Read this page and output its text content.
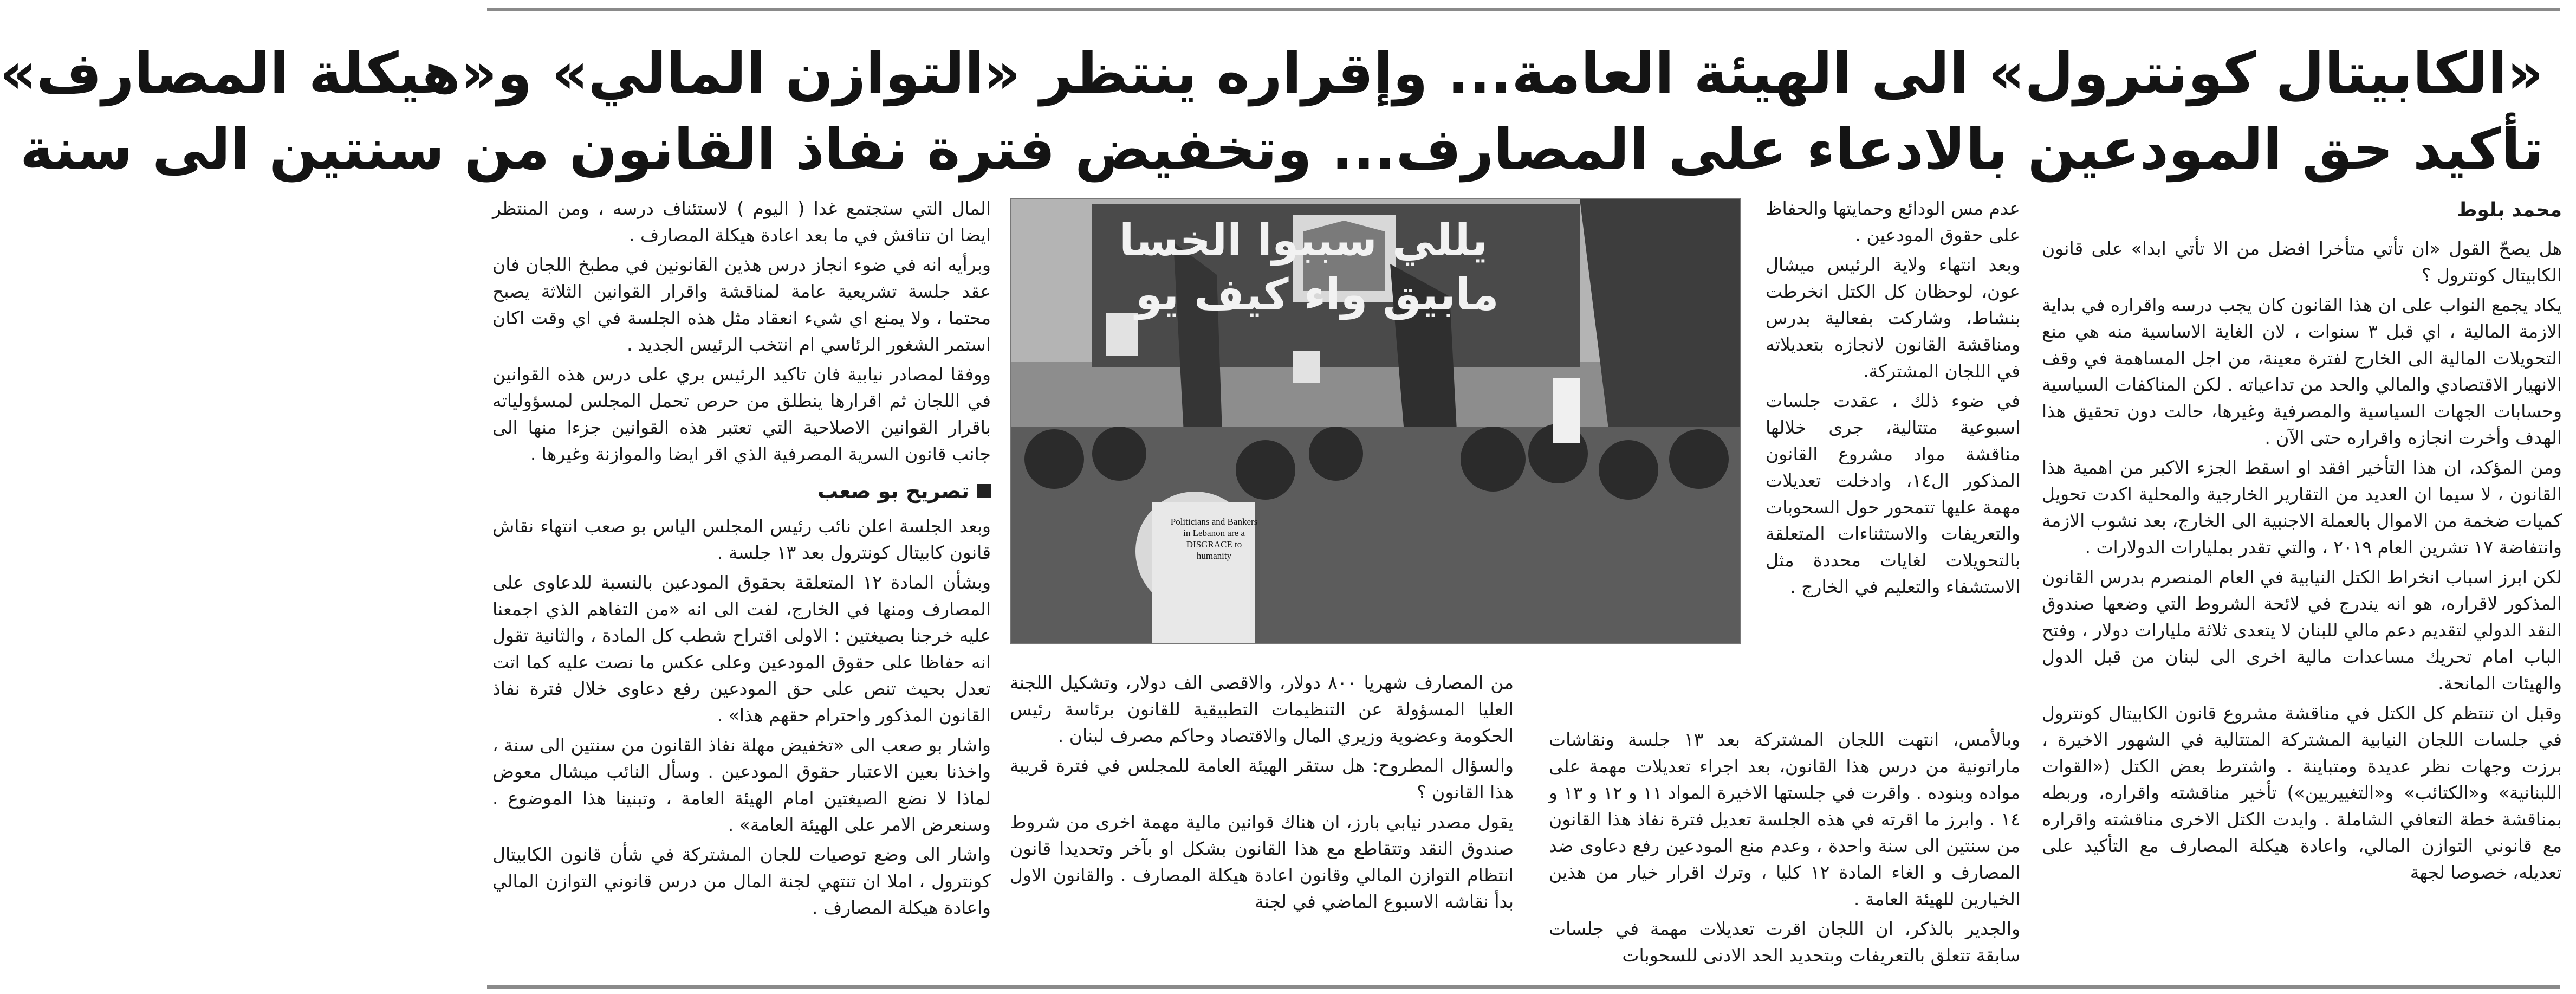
«الكابيتال كونترول» الى الهيئة العامة... وإقراره ينتظر «التوازن المالي» و«هيكلة المصارف»
تأكيد حق المودعين بالادعاء على المصارف... وتخفيض فترة نفاذ القانون من سنتين الى سنة

محمد بلوط

هل يصحّ القول «ان تأتي متأخرا افضل من الا تأتي ابدا» على قانون الكابيتال كونترول ؟

يكاد يجمع النواب على ان هذا القانون كان يجب درسه واقراره في بداية الازمة المالية ، اي قبل ٣ سنوات ، لان الغاية الاساسية منه هي منع التحويلات المالية الى الخارج لفترة معينة، من اجل المساهمة في وقف الانهيار الاقتصادي والمالي والحد من تداعياته . لكن المناكفات السياسية وحسابات الجهات السياسية والمصرفية وغيرها، حالت دون تحقيق هذا الهدف وأخرت انجازه واقراره حتى الآن .

ومن المؤكد، ان هذا التأخير افقد او اسقط الجزء الاكبر من اهمية هذا القانون ، لا سيما ان العديد من التقارير الخارجية والمحلية اكدت تحويل كميات ضخمة من الاموال بالعملة الاجنبية الى الخارج، بعد نشوب الازمة وانتفاضة ١٧ تشرين العام ٢٠١٩ ، والتي تقدر بمليارات الدولارات .

لكن ابرز اسباب انخراط الكتل النيابية في العام المنصرم بدرس القانون المذكور لاقراره، هو انه يندرج في لائحة الشروط التي وضعها صندوق النقد الدولي لتقديم دعم مالي للبنان لا يتعدى ثلاثة مليارات دولار ، وفتح الباب امام تحريك مساعدات مالية اخرى الى لبنان من قبل الدول والهيئات المانحة.

وقبل ان تنتظم كل الكتل في مناقشة مشروع قانون الكابيتال كونترول في جلسات اللجان النيابية المشتركة المتتالية في الشهور الاخيرة ، برزت وجهات نظر عديدة ومتباينة . واشترط بعض الكتل («القوات اللبنانية» و«الكتائب» و«التغييريين») تأخير مناقشته واقراره، وربطه بمناقشة خطة التعافي الشاملة . وايدت الكتل الاخرى مناقشته واقراره مع قانوني التوازن المالي، واعادة هيكلة المصارف مع التأكيد على تعديله، خصوصا لجهة

عدم مس الودائع وحمايتها والحفاظ على حقوق المودعين .

وبعد انتهاء ولاية الرئيس ميشال عون، لوحظان كل الكتل انخرطت بنشاط، وشاركت بفعالية بدرس ومناقشة القانون لانجازه بتعديلاته في اللجان المشتركة.

في ضوء ذلك ، عقدت جلسات اسبوعية متتالية، جرى خلالها مناقشة مواد مشروع القانون المذكور ال١٤، وادخلت تعديلات مهمة عليها تتمحور حول السحوبات والتعريفات والاستثناءات المتعلقة بالتحويلات لغايات محددة مثل الاستشفاء والتعليم في الخارج .

وبالأمس، انتهت اللجان المشتركة بعد ١٣ جلسة ونقاشات ماراتونية من درس هذا القانون، بعد اجراء تعديلات مهمة على مواده وبنوده . واقرت في جلستها الاخيرة المواد ١١ و ١٢ و ١٣ و ١٤ . وابرز ما اقرته في هذه الجلسة تعديل فترة نفاذ هذا القانون من سنتين الى سنة واحدة ، وعدم منع المودعين رفع دعاوى ضد المصارف و الغاء المادة ١٢ كليا ، وترك اقرار خيار من هذين الخيارين للهيئة العامة .

والجدير بالذكر، ان اللجان اقرت تعديلات مهمة في جلسات سابقة تتعلق بالتعريفات وبتحديد الحد الادنى للسحوبات

يللي سببوا الخسا
مابيق واء كيف يو
Politicians and Bankers in Lebanon are a DISGRACE to humanity

من المصارف شهريا ٨٠٠ دولار، والاقصى الف دولار، وتشكيل اللجنة العليا المسؤولة عن التنظيمات التطبيقية للقانون برئاسة رئيس الحكومة وعضوية وزيري المال والاقتصاد وحاكم مصرف لبنان .

والسؤال المطروح: هل ستقر الهيئة العامة للمجلس في فترة قريبة هذا القانون ؟

يقول مصدر نيابي بارز، ان هناك قوانين مالية مهمة اخرى من شروط صندوق النقد وتتقاطع مع هذا القانون بشكل او بآخر وتحديدا قانون انتظام التوازن المالي وقانون اعادة هيكلة المصارف . والقانون الاول بدأ نقاشه الاسبوع الماضي في لجنة

المال التي ستجتمع غدا ( اليوم ) لاستئناف درسه ، ومن المنتظر ايضا ان تناقش في ما بعد اعادة هيكلة المصارف .

وبرأيه انه في ضوء انجاز درس هذين القانونين في مطبخ اللجان فان عقد جلسة تشريعية عامة لمناقشة واقرار القوانين الثلاثة يصبح محتما ، ولا يمنع اي شيء انعقاد مثل هذه الجلسة في اي وقت اكان استمر الشغور الرئاسي ام انتخب الرئيس الجديد .

ووفقا لمصادر نيابية فان تاكيد الرئيس بري على درس هذه القوانين في اللجان ثم اقرارها ينطلق من حرص تحمل المجلس لمسؤولياته باقرار القوانين الاصلاحية التي تعتبر هذه القوانين جزءا منها الى جانب قانون السرية المصرفية الذي اقر ايضا والموازنة وغيرها .

تصريح بو صعب

وبعد الجلسة اعلن نائب رئيس المجلس الياس بو صعب انتهاء نقاش قانون كابيتال كونترول بعد ١٣ جلسة .

وبشأن المادة ١٢ المتعلقة بحقوق المودعين بالنسبة للدعاوى على المصارف ومنها في الخارج، لفت الى انه «من التفاهم الذي اجمعنا عليه خرجنا بصيغتين : الاولى اقتراح شطب كل المادة ، والثانية تقول انه حفاظا على حقوق المودعين وعلى عكس ما نصت عليه كما اتت تعدل بحيث تنص على حق المودعين رفع دعاوى خلال فترة نفاذ القانون المذكور واحترام حقهم هذا» .

واشار بو صعب الى «تخفيض مهلة نفاذ القانون من سنتين الى سنة ، واخذنا بعين الاعتبار حقوق المودعين . وسأل النائب ميشال معوض لماذا لا نضع الصيغتين امام الهيئة العامة ، وتبنينا هذا الموضوع . وسنعرض الامر على الهيئة العامة» .

واشار الى وضع توصيات للجان المشتركة في شأن قانون الكابيتال كونترول ، املا ان تنتهي لجنة المال من درس قانوني التوازن المالي واعادة هيكلة المصارف .
